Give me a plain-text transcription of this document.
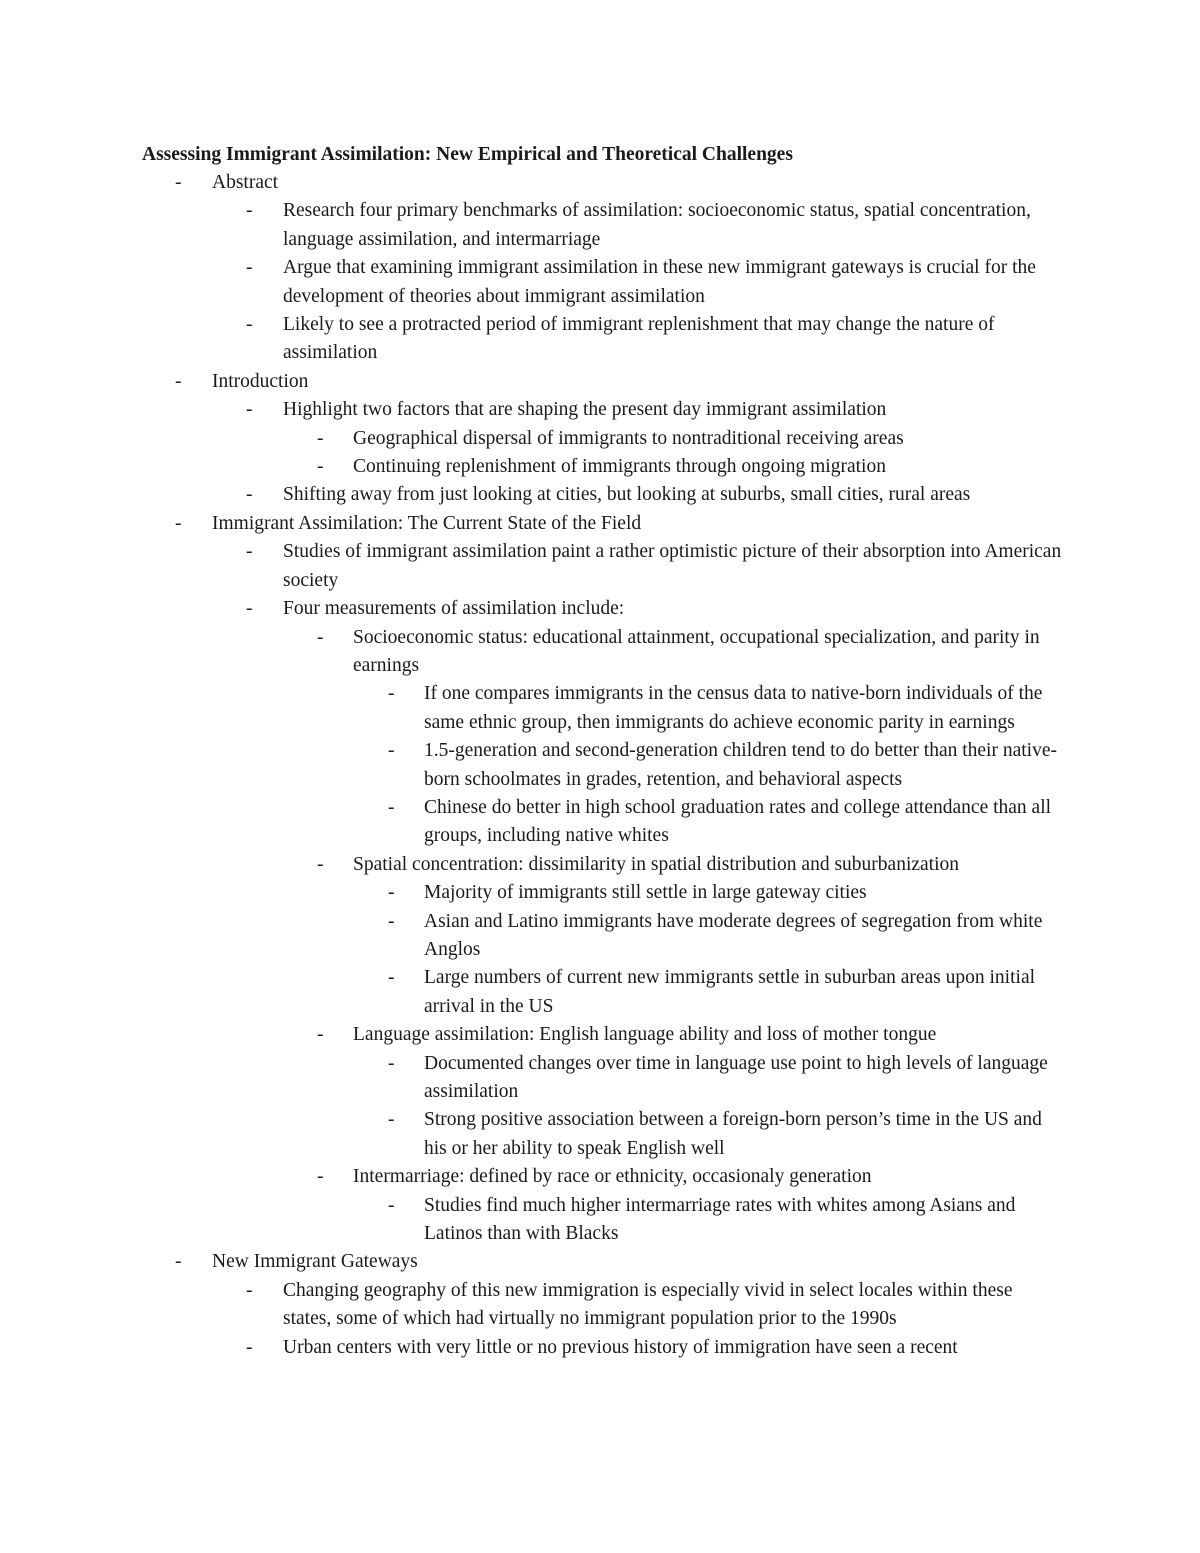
Assessing Immigrant Assimilation: New Empirical and Theoretical Challenges
- Abstract
- Research four primary benchmarks of assimilation: socioeconomic status, spatial concentration, language assimilation, and intermarriage
- Argue that examining immigrant assimilation in these new immigrant gateways is crucial for the development of theories about immigrant assimilation
- Likely to see a protracted period of immigrant replenishment that may change the nature of assimilation
- Introduction
- Highlight two factors that are shaping the present day immigrant assimilation
- Geographical dispersal of immigrants to nontraditional receiving areas
- Continuing replenishment of immigrants through ongoing migration
- Shifting away from just looking at cities, but looking at suburbs, small cities, rural areas
- Immigrant Assimilation: The Current State of the Field
- Studies of immigrant assimilation paint a rather optimistic picture of their absorption into American society
- Four measurements of assimilation include:
- Socioeconomic status: educational attainment, occupational specialization, and parity in earnings
- If one compares immigrants in the census data to native-born individuals of the same ethnic group, then immigrants do achieve economic parity in earnings
- 1.5-generation and second-generation children tend to do better than their native-born schoolmates in grades, retention, and behavioral aspects
- Chinese do better in high school graduation rates and college attendance than all groups, including native whites
- Spatial concentration: dissimilarity in spatial distribution and suburbanization
- Majority of immigrants still settle in large gateway cities
- Asian and Latino immigrants have moderate degrees of segregation from white Anglos
- Large numbers of current new immigrants settle in suburban areas upon initial arrival in the US
- Language assimilation: English language ability and loss of mother tongue
- Documented changes over time in language use point to high levels of language assimilation
- Strong positive association between a foreign-born person’s time in the US and his or her ability to speak English well
- Intermarriage: defined by race or ethnicity, occasionaly generation
- Studies find much higher intermarriage rates with whites among Asians and Latinos than with Blacks
- New Immigrant Gateways
- Changing geography of this new immigration is especially vivid in select locales within these states, some of which had virtually no immigrant population prior to the 1990s
- Urban centers with very little or no previous history of immigration have seen a recent
